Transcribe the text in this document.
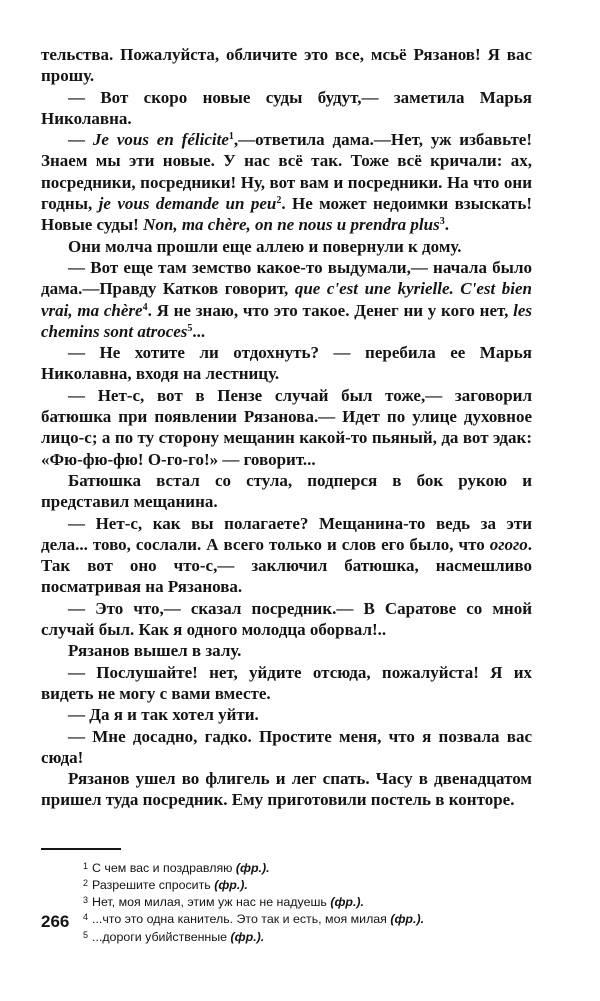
тельства. Пожалуйста, обличите это все, мсьё Рязанов! Я вас прошу.

— Вот скоро новые суды будут,— заметила Марья Николавна.

— Je vous en félicite$^1$,—ответила дама.—Нет, уж избавьте! Знаем мы эти новые. У нас всё так. Тоже всё кричали: ах, посредники, посредники! Ну, вот вам и посредники. На что они годны, je vous demande un peu$^2$. Не может недоимки взыскать! Новые суды! Non, ma chère, on ne nous u prendra plus$^3$.

Они молча прошли еще аллею и повернули к дому.

— Вот еще там земство какое-то выдумали,— начала было дама.—Правду Катков говорит, que c'est une kyrielle. C'est bien vrai, ma chère$^4$. Я не знаю, что это такое. Денег ни у кого нет, les chemins sont atroces$^5$...

— Не хотите ли отдохнуть? — перебила ее Марья Николавна, входя на лестницу.

— Нет-с, вот в Пензе случай был тоже,— заговорил батюшка при появлении Рязанова.— Идет по улице духовное лицо-с; а по ту сторону мещанин какой-то пьяный, да вот эдак: «Фю-фю-фю! О-го-го!» — говорит...

Батюшка встал со стула, подперся в бок рукою и представил мещанина.

— Нет-с, как вы полагаете? Мещанина-то ведь за эти дела... тово, сослали. А всего только и слов его было, что огого. Так вот оно что-с,— заключил батюшка, насмешливо посматривая на Рязанова.

— Это что,— сказал посредник.— В Саратове со мной случай был. Как я одного молодца оборвал!..

Рязанов вышел в залу.

— Послушайте! нет, уйдите отсюда, пожалуйста! Я их видеть не могу с вами вместе.

— Да я и так хотел уйти.

— Мне досадно, гадко. Простите меня, что я позвала вас сюда!

Рязанов ушел во флигель и лег спать. Часу в двенадцатом пришел туда посредник. Ему приготовили постель в конторе.

1 С чем вас и поздравляю (фр.).
2 Разрешите спросить (фр.).
3 Нет, моя милая, этим уж нас не надуешь (фр.).
4 ...что это одна канитель. Это так и есть, моя милая (фр.).
5 ...дороги убийственные (фр.).
266
